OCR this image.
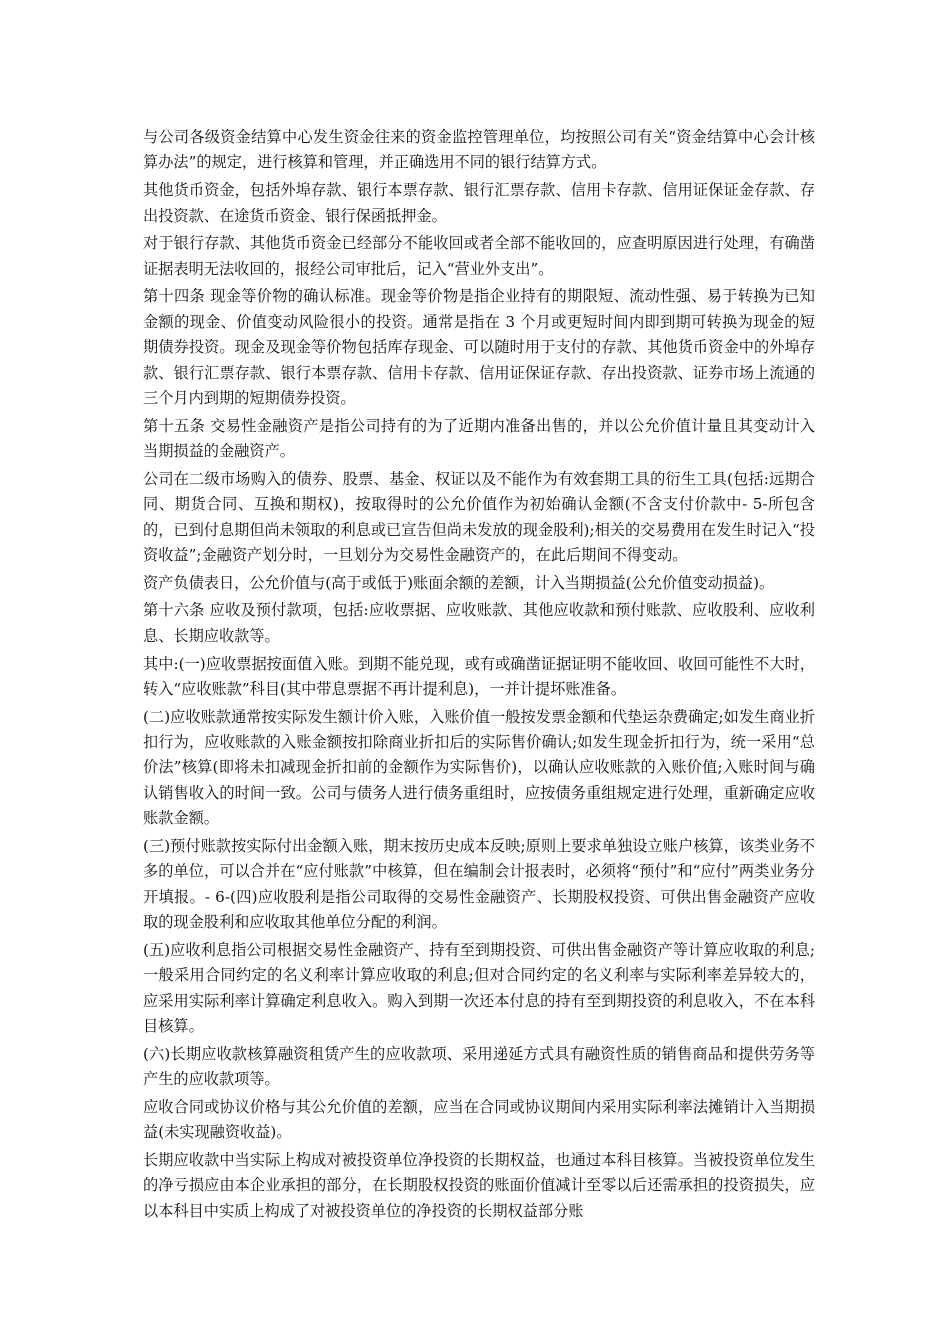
与公司各级资金结算中心发生资金往来的资金监控管理单位，均按照公司有关“资金结算中心会计核算办法”的规定，进行核算和管理，并正确选用不同的银行结算方式。

其他货币资金，包括外埠存款、银行本票存款、银行汇票存款、信用卡存款、信用证保证金存款、存出投资款、在途货币资金、银行保函抵押金。

对于银行存款、其他货币资金已经部分不能收回或者全部不能收回的，应查明原因进行处理，有确凿证据表明无法收回的，报经公司审批后，记入“营业外支出”。

第十四条 现金等价物的确认标准。现金等价物是指企业持有的期限短、流动性强、易于转换为已知金额的现金、价值变动风险很小的投资。通常是指在 3 个月或更短时间内即到期可转换为现金的短期债券投资。现金及现金等价物包括库存现金、可以随时用于支付的存款、其他货币资金中的外埠存款、银行汇票存款、银行本票存款、信用卡存款、信用证保证存款、存出投资款、证券市场上流通的三个月内到期的短期债券投资。

第十五条 交易性金融资产是指公司持有的为了近期内准备出售的，并以公允价值计量且其变动计入当期损益的金融资产。

公司在二级市场购入的债券、股票、基金、权证以及不能作为有效套期工具的衍生工具(包括:远期合同、期货合同、互换和期权)，按取得时的公允价值作为初始确认金额(不含支付价款中- 5-所包含的，已到付息期但尚未领取的利息或已宣告但尚未发放的现金股利);相关的交易费用在发生时记入“投资收益”;金融资产划分时，一旦划分为交易性金融资产的，在此后期间不得变动。

资产负债表日，公允价值与(高于或低于)账面余额的差额，计入当期损益(公允价值变动损益)。

第十六条 应收及预付款项，包括:应收票据、应收账款、其他应收款和预付账款、应收股利、应收利息、长期应收款等。

其中:(一)应收票据按面值入账。到期不能兑现，或有或确凿证据证明不能收回、收回可能性不大时，转入“应收账款”科目(其中带息票据不再计提利息)，一并计提坏账准备。

(二)应收账款通常按实际发生额计价入账，入账价值一般按发票金额和代垫运杂费确定;如发生商业折扣行为，应收账款的入账金额按扣除商业折扣后的实际售价确认;如发生现金折扣行为，统一采用“总价法”核算(即将未扣减现金折扣前的金额作为实际售价)，以确认应收账款的入账价值;入账时间与确认销售收入的时间一致。公司与债务人进行债务重组时，应按债务重组规定进行处理，重新确定应收账款金额。

(三)预付账款按实际付出金额入账，期末按历史成本反映;原则上要求单独设立账户核算，该类业务不多的单位，可以合并在“应付账款”中核算，但在编制会计报表时，必须将“预付”和“应付”两类业务分开填报。- 6-(四)应收股利是指公司取得的交易性金融资产、长期股权投资、可供出售金融资产应收取的现金股利和应收取其他单位分配的利润。

(五)应收利息指公司根据交易性金融资产、持有至到期投资、可供出售金融资产等计算应收取的利息;一般采用合同约定的名义利率计算应收取的利息;但对合同约定的名义利率与实际利率差异较大的，应采用实际利率计算确定利息收入。购入到期一次还本付息的持有至到期投资的利息收入，不在本科目核算。

(六)长期应收款核算融资租赁产生的应收款项、采用递延方式具有融资性质的销售商品和提供劳务等产生的应收款项等。

应收合同或协议价格与其公允价值的差额，应当在合同或协议期间内采用实际利率法摊销计入当期损益(未实现融资收益)。

长期应收款中当实际上构成对被投资单位净投资的长期权益，也通过本科目核算。当被投资单位发生的净亏损应由本企业承担的部分，在长期股权投资的账面价值减计至零以后还需承担的投资损失，应以本科目中实质上构成了对被投资单位的净投资的长期权益部分账
